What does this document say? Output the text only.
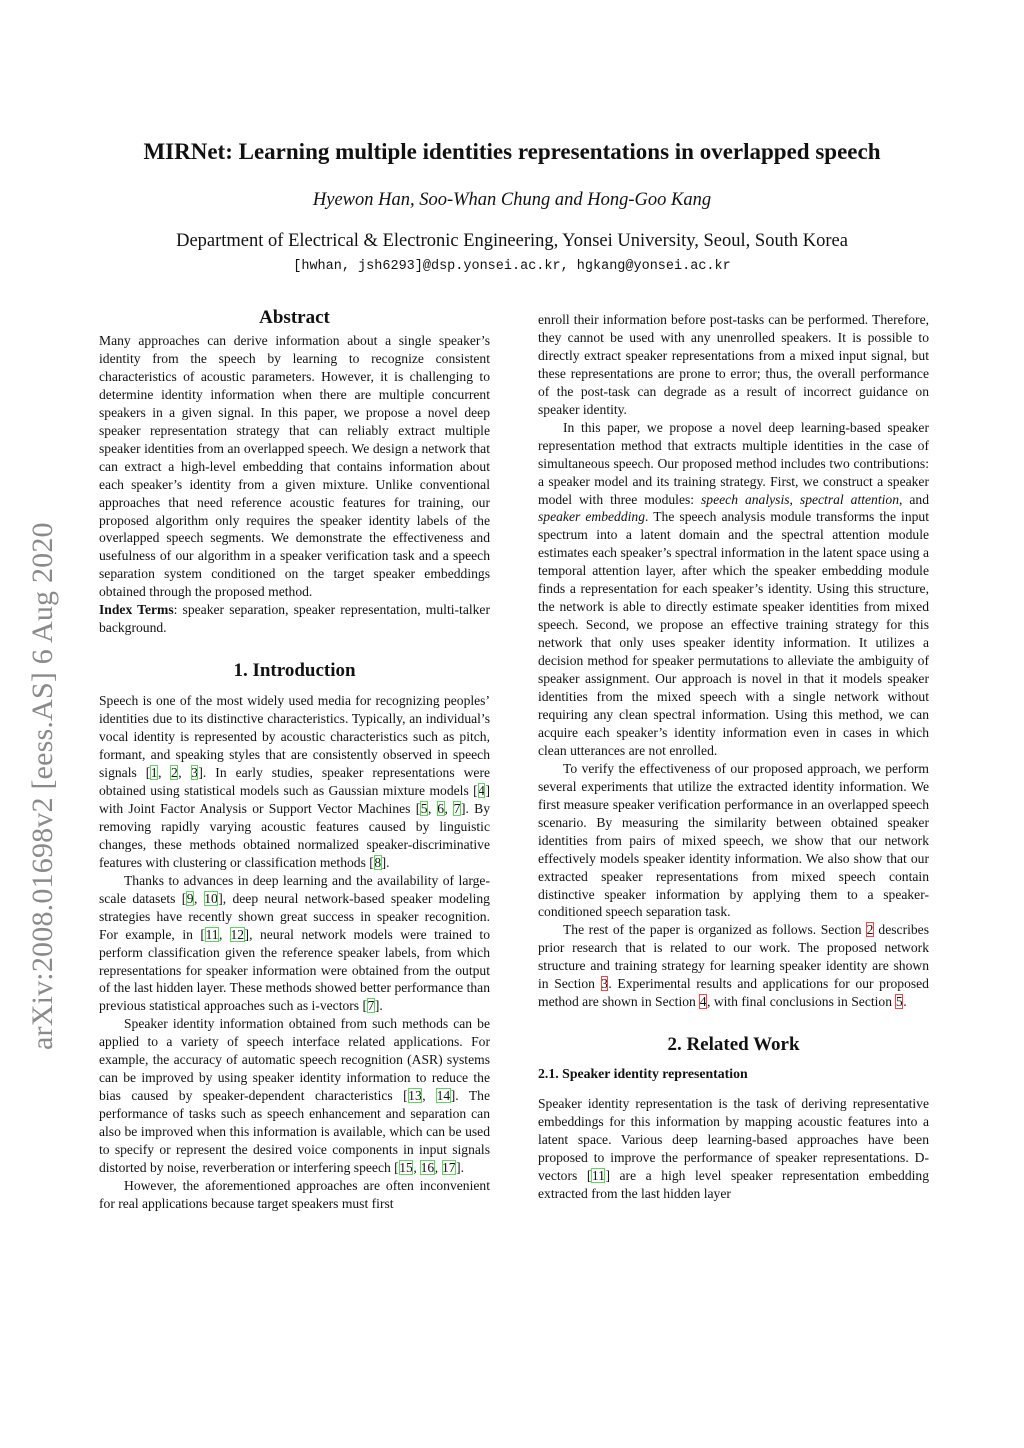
arXiv:2008.01698v2 [eess.AS] 6 Aug 2020
MIRNet: Learning multiple identities representations in overlapped speech
Hyewon Han, Soo-Whan Chung and Hong-Goo Kang
Department of Electrical & Electronic Engineering, Yonsei University, Seoul, South Korea
[hwhan, jsh6293]@dsp.yonsei.ac.kr, hgkang@yonsei.ac.kr
Abstract

Many approaches can derive information about a single speaker’s identity from the speech by learning to recognize consistent characteristics of acoustic parameters. However, it is challenging to determine identity information when there are multiple concurrent speakers in a given signal. In this paper, we propose a novel deep speaker representation strategy that can reliably extract multiple speaker identities from an overlapped speech. We design a network that can extract a high-level embedding that contains information about each speaker’s identity from a given mixture. Unlike conventional approaches that need reference acoustic features for training, our proposed algorithm only requires the speaker identity labels of the overlapped speech segments. We demonstrate the effectiveness and usefulness of our algorithm in a speaker verification task and a speech separation system conditioned on the target speaker embeddings obtained through the proposed method.

Index Terms: speaker separation, speaker representation, multi-talker background.

1. Introduction

Speech is one of the most widely used media for recognizing peoples’ identities due to its distinctive characteristics. Typically, an individual’s vocal identity is represented by acoustic characteristics such as pitch, formant, and speaking styles that are consistently observed in speech signals [1, 2, 3]. In early studies, speaker representations were obtained using statistical models such as Gaussian mixture models [4] with Joint Factor Analysis or Support Vector Machines [5, 6, 7]. By removing rapidly varying acoustic features caused by linguistic changes, these methods obtained normalized speaker-discriminative features with clustering or classification methods [8].

Thanks to advances in deep learning and the availability of large-scale datasets [9, 10], deep neural network-based speaker modeling strategies have recently shown great success in speaker recognition. For example, in [11, 12], neural network models were trained to perform classification given the reference speaker labels, from which representations for speaker information were obtained from the output of the last hidden layer. These methods showed better performance than previous statistical approaches such as i-vectors [7].

Speaker identity information obtained from such methods can be applied to a variety of speech interface related applications. For example, the accuracy of automatic speech recognition (ASR) systems can be improved by using speaker identity information to reduce the bias caused by speaker-dependent characteristics [13, 14]. The performance of tasks such as speech enhancement and separation can also be improved when this information is available, which can be used to specify or represent the desired voice components in input signals distorted by noise, reverberation or interfering speech [15, 16, 17].

However, the aforementioned approaches are often inconvenient for real applications because target speakers must first

enroll their information before post-tasks can be performed. Therefore, they cannot be used with any unenrolled speakers. It is possible to directly extract speaker representations from a mixed input signal, but these representations are prone to error; thus, the overall performance of the post-task can degrade as a result of incorrect guidance on speaker identity.

In this paper, we propose a novel deep learning-based speaker representation method that extracts multiple identities in the case of simultaneous speech. Our proposed method includes two contributions: a speaker model and its training strategy. First, we construct a speaker model with three modules: speech analysis, spectral attention, and speaker embedding. The speech analysis module transforms the input spectrum into a latent domain and the spectral attention module estimates each speaker’s spectral information in the latent space using a temporal attention layer, after which the speaker embedding module finds a representation for each speaker’s identity. Using this structure, the network is able to directly estimate speaker identities from mixed speech. Second, we propose an effective training strategy for this network that only uses speaker identity information. It utilizes a decision method for speaker permutations to alleviate the ambiguity of speaker assignment. Our approach is novel in that it models speaker identities from the mixed speech with a single network without requiring any clean spectral information. Using this method, we can acquire each speaker’s identity information even in cases in which clean utterances are not enrolled.

To verify the effectiveness of our proposed approach, we perform several experiments that utilize the extracted identity information. We first measure speaker verification performance in an overlapped speech scenario. By measuring the similarity between obtained speaker identities from pairs of mixed speech, we show that our network effectively models speaker identity information. We also show that our extracted speaker representations from mixed speech contain distinctive speaker information by applying them to a speaker-conditioned speech separation task.

The rest of the paper is organized as follows. Section 2 describes prior research that is related to our work. The proposed network structure and training strategy for learning speaker identity are shown in Section 3. Experimental results and applications for our proposed method are shown in Section 4, with final conclusions in Section 5.

2. Related Work
2.1. Speaker identity representation

Speaker identity representation is the task of deriving representative embeddings for this information by mapping acoustic features into a latent space. Various deep learning-based approaches have been proposed to improve the performance of speaker representations. D-vectors [11] are a high level speaker representation embedding extracted from the last hidden layer
